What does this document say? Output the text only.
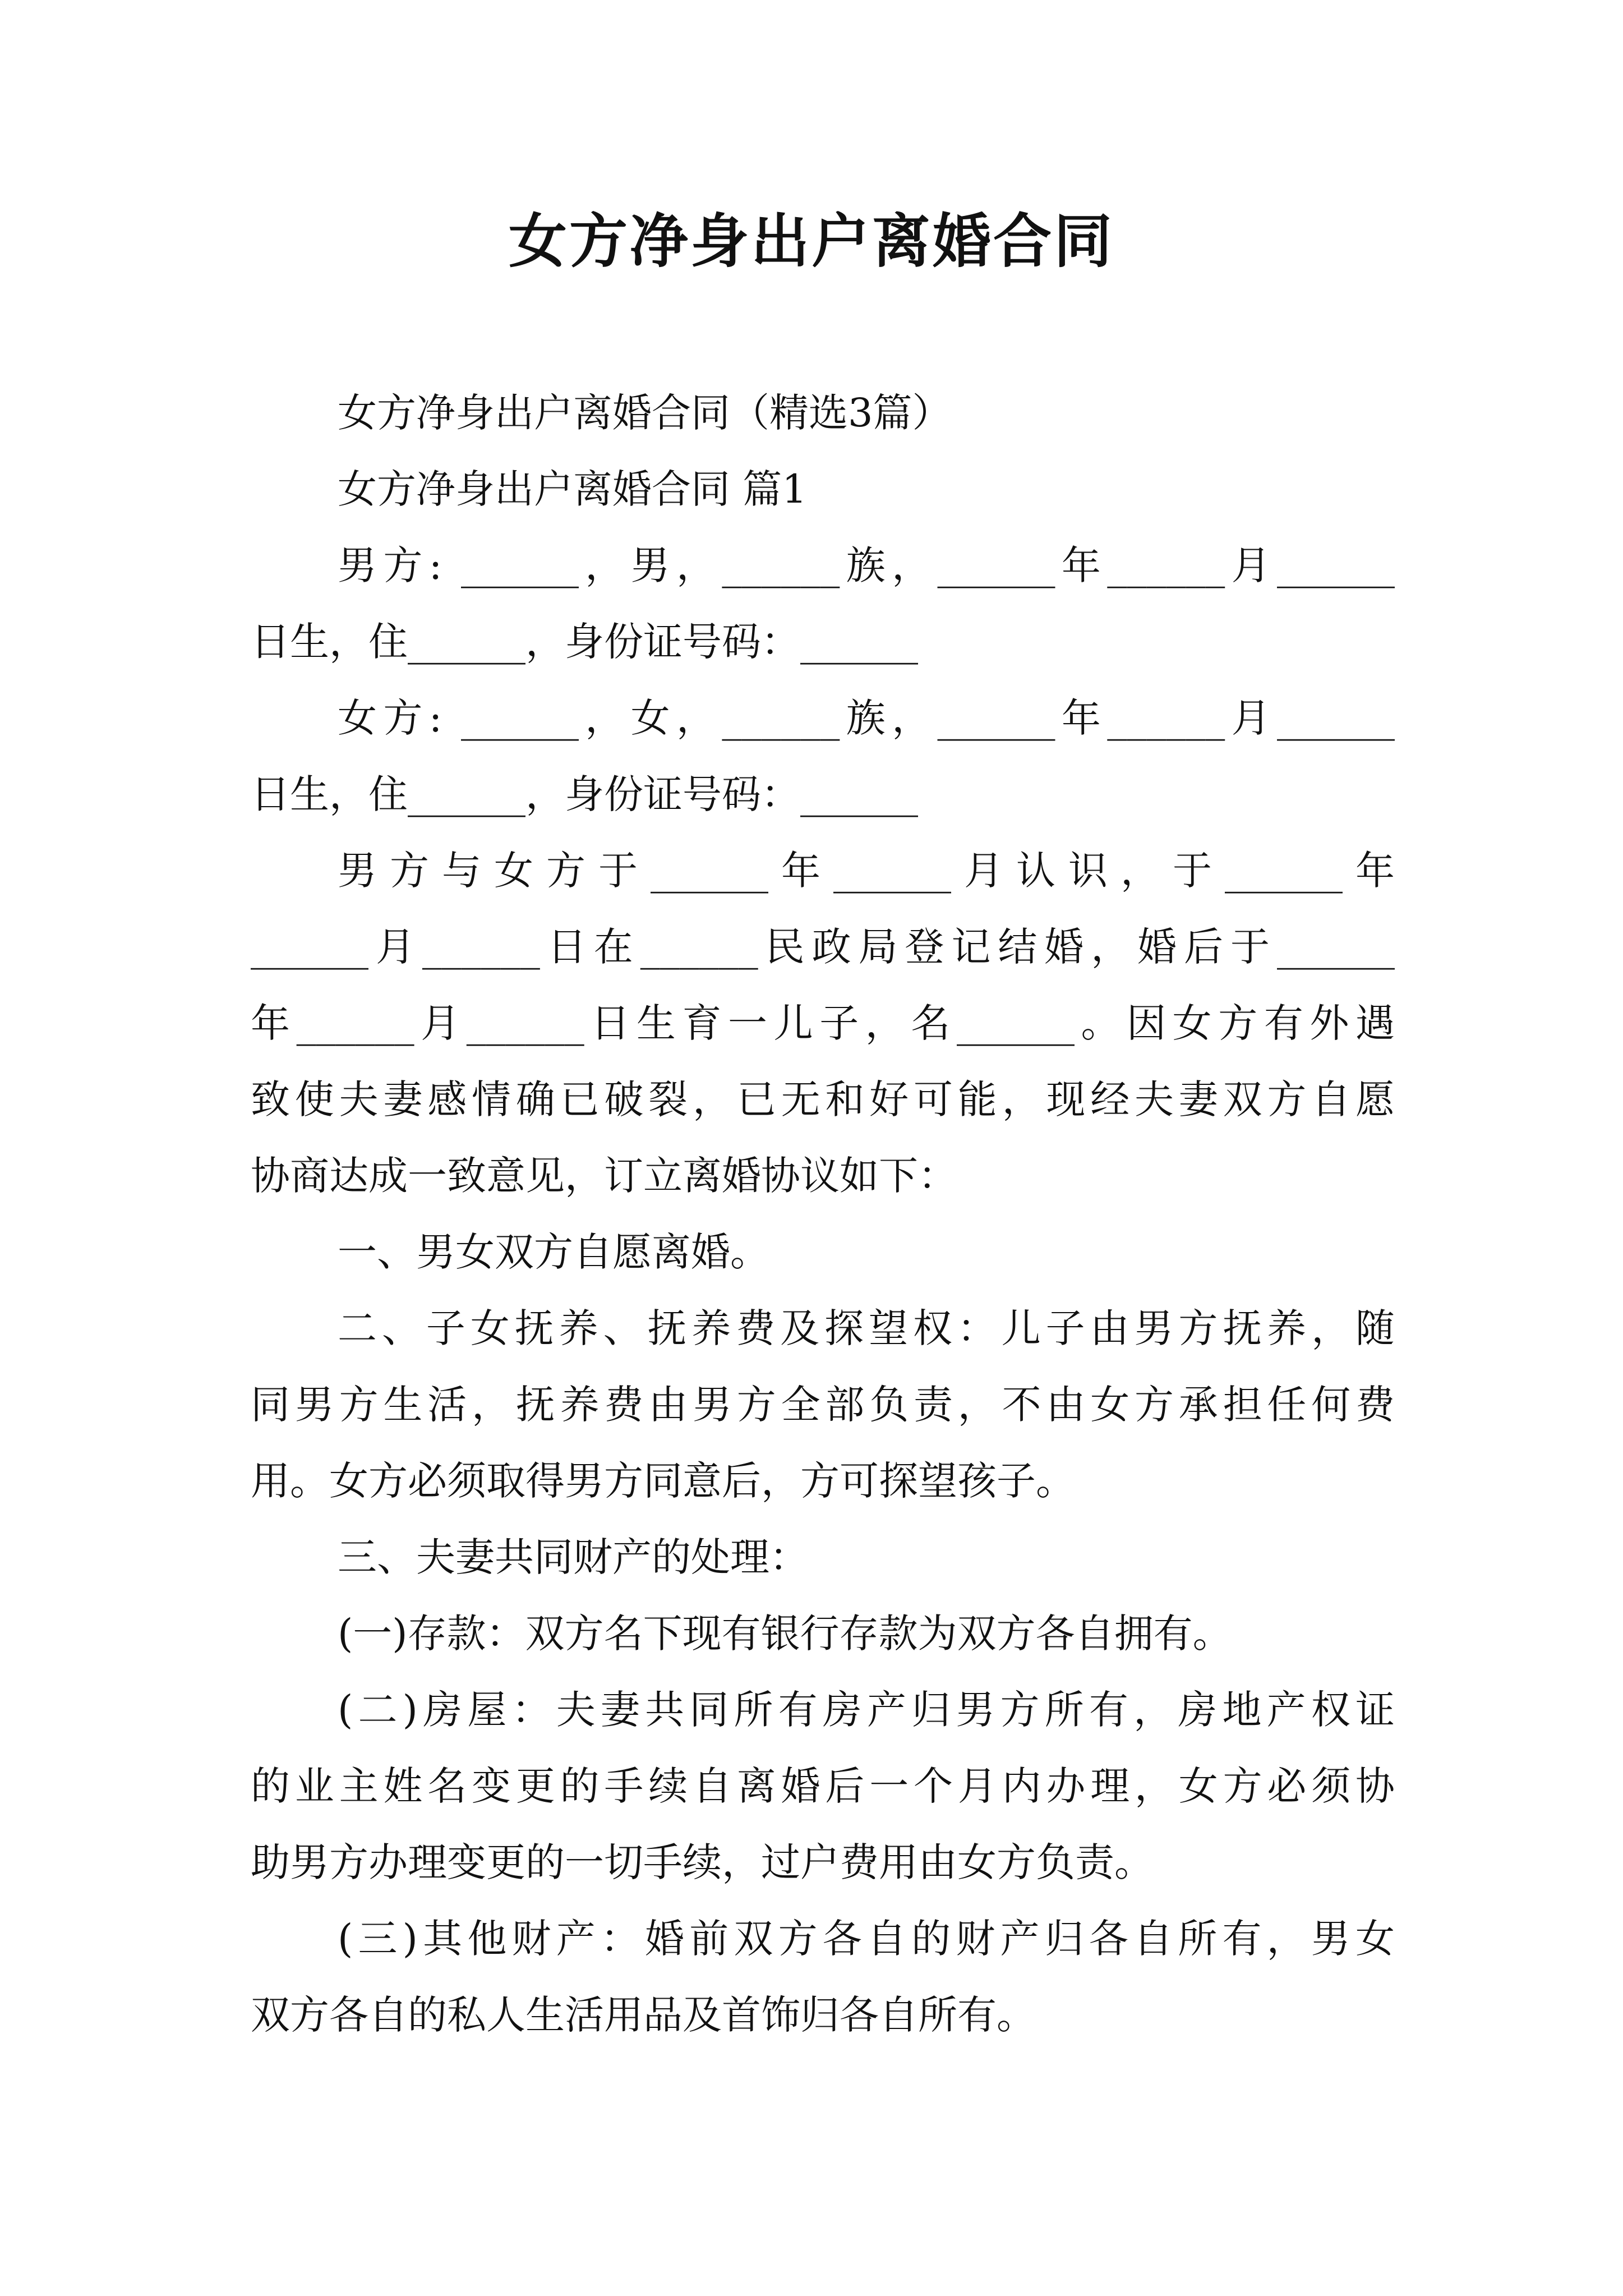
女方净身出户离婚合同

女方净身出户离婚合同（精选3篇）

女方净身出户离婚合同 篇1

男方: ______，男，______族，______年______月______

日生，住______，身份证号码：______

女方: ______，女，______族，______年______月______

日生，住______，身份证号码：______

男方与女方于______年______月认识，于______年

______月______日在______民政局登记结婚，婚后于______

年______月______日生育一儿子，名______。因女方有外遇

致使夫妻感情确已破裂，已无和好可能，现经夫妻双方自愿

协商达成一致意见，订立离婚协议如下：

一、男女双方自愿离婚。

二、子女抚养、抚养费及探望权：儿子由男方抚养，随

同男方生活，抚养费由男方全部负责，不由女方承担任何费

用。女方必须取得男方同意后，方可探望孩子。

三、夫妻共同财产的处理：

(一)存款：双方名下现有银行存款为双方各自拥有。

(二)房屋：夫妻共同所有房产归男方所有，房地产权证

的业主姓名变更的手续自离婚后一个月内办理，女方必须协

助男方办理变更的一切手续，过户费用由女方负责。

(三)其他财产：婚前双方各自的财产归各自所有，男女

双方各自的私人生活用品及首饰归各自所有。
